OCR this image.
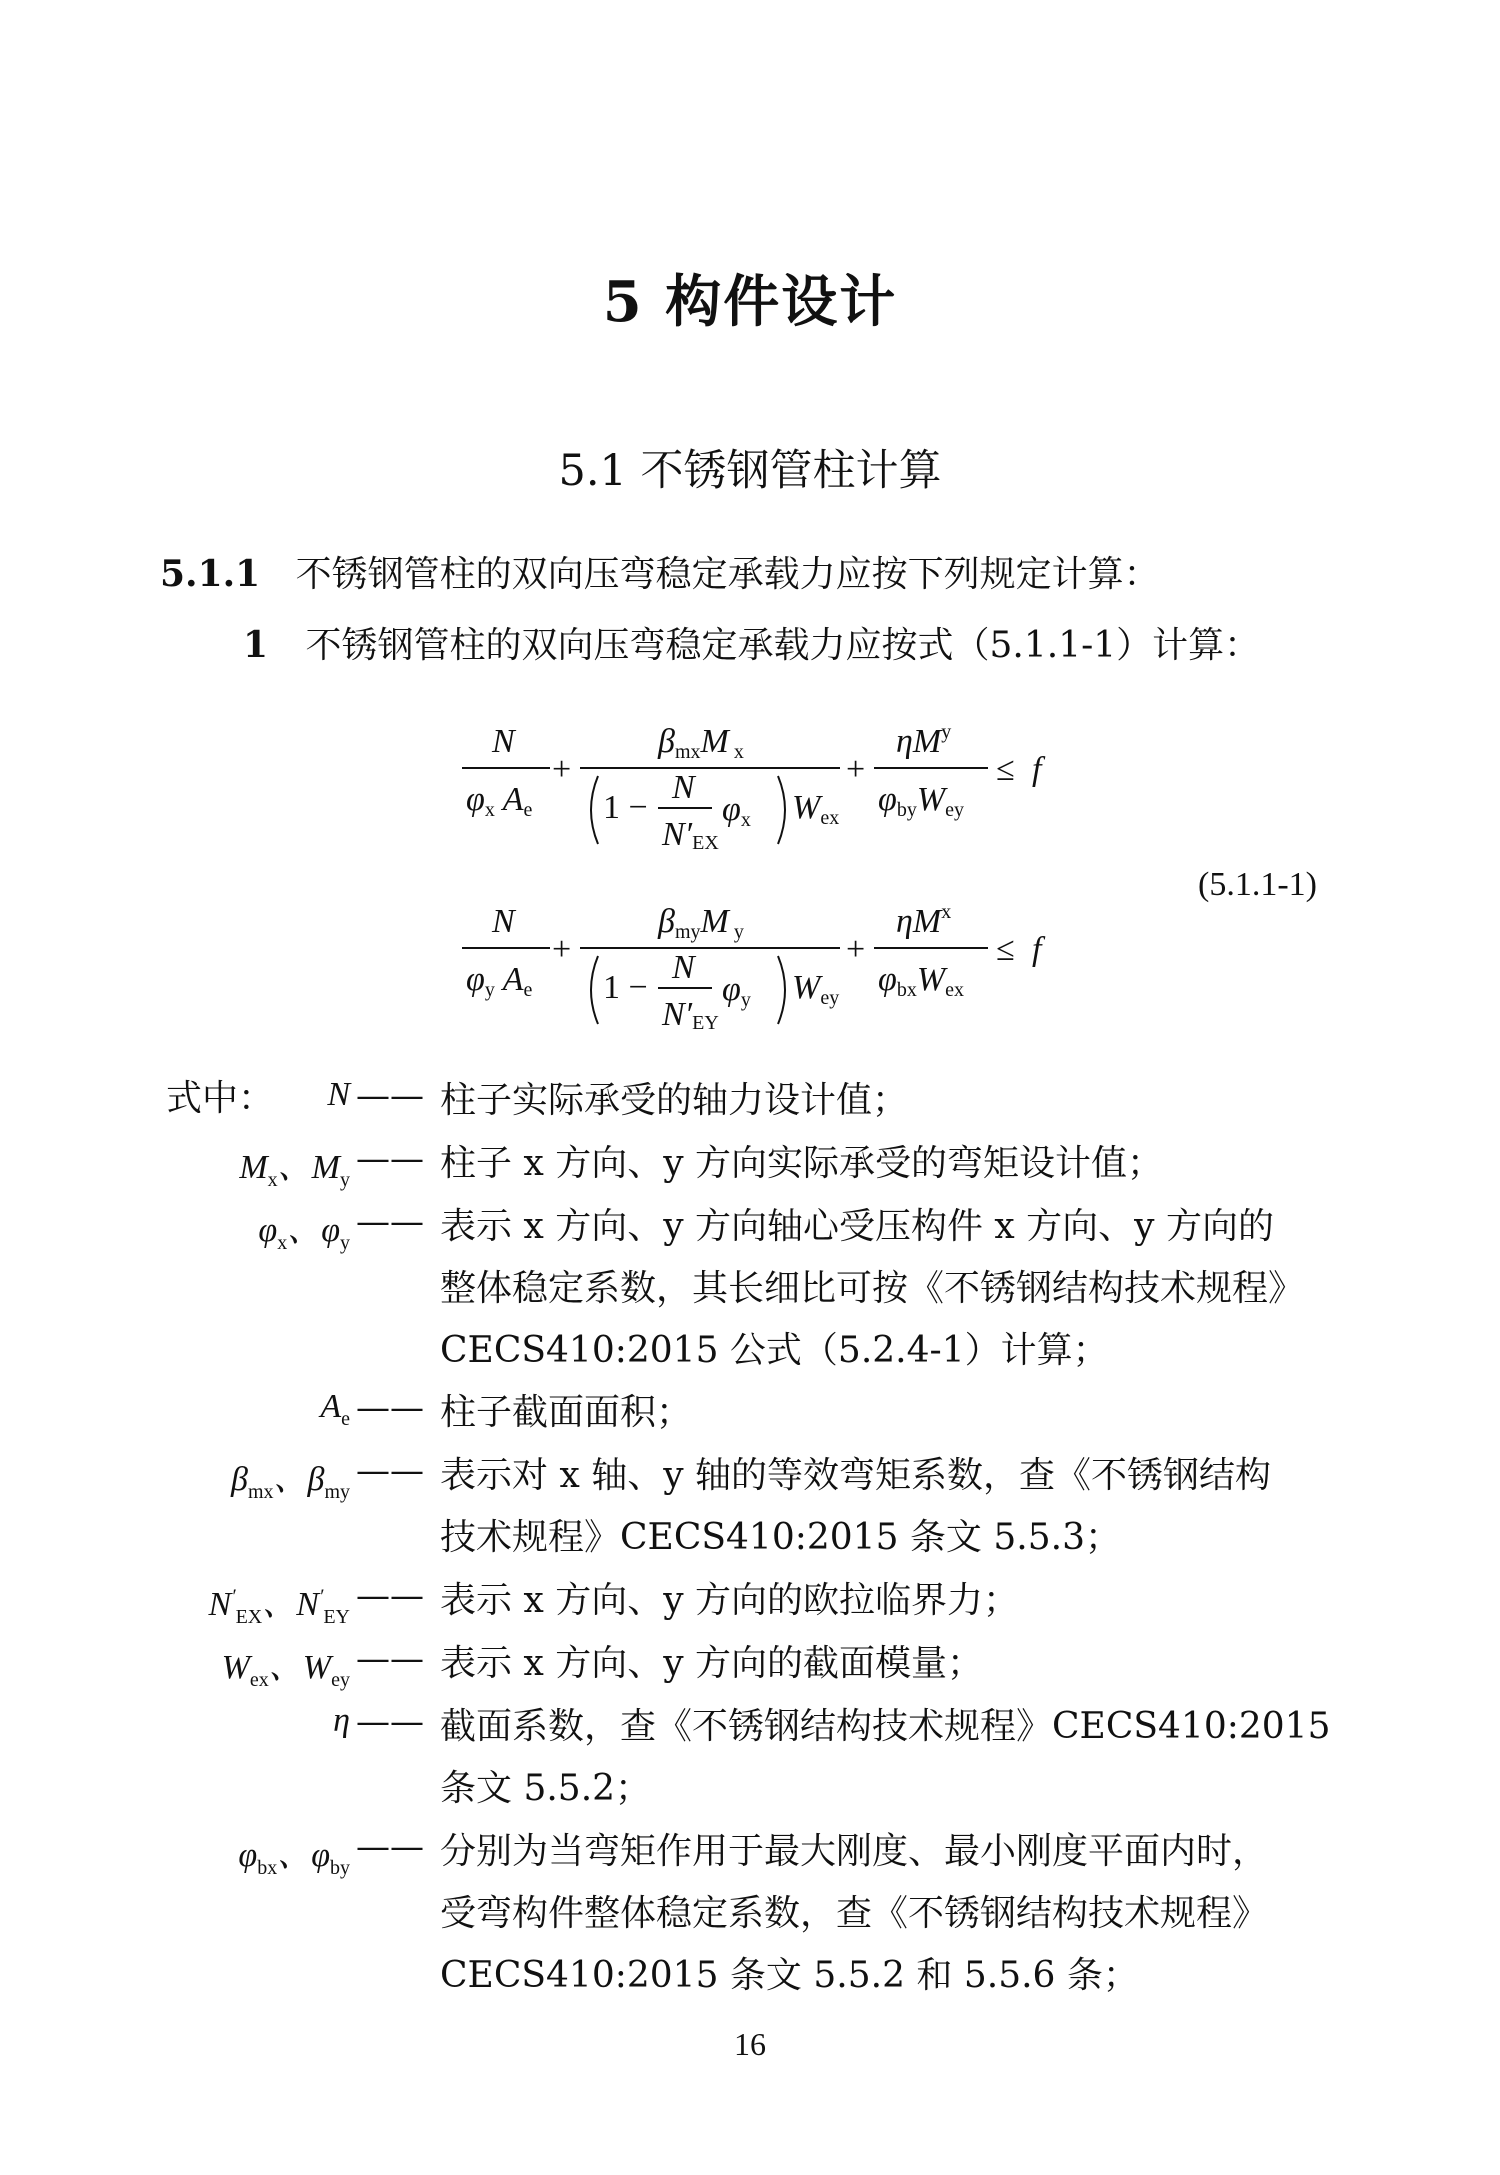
5 构件设计
5.1 不锈钢管柱计算
5.1.1 不锈钢管柱的双向压弯稳定承载力应按下列规定计算：
1 不锈钢管柱的双向压弯稳定承载力应按式（5.1.1-1）计算：
N
φx Ae
+
βmxM x
1 −
N
N′EX
φx Wex
+
$\eta M^y$
φbyWey
≤ f
N
φy Ae
+
βmyM y
1 −
N
N′EY
φy Wey
+
$\eta M^x$
φbxWex
≤ f
(5.1.1-1)
式中：	N —— 柱子实际承受的轴力设计值；
$M_x$、$M_y$
—— 柱子 x 方向、y 方向实际承受的弯矩设计值；
$\varphi_x$、$\varphi_y$
—— 表示 x 方向、y 方向轴心受压构件 x 方向、y 方向的
整体稳定系数，其长细比可按《不锈钢结构技术规程》
CECS410:2015 公式（5.2.4-1）计算；
$A_e$ —— 柱子截面面积；
$\beta_{mx}$、$\beta_{my}$
—— 表示对 x 轴、y 轴的等效弯矩系数，查《不锈钢结构
技术规程》CECS410:2015 条文 5.5.3；
$N'_{EX}$、$N'_{EY}$
—— 表示 x 方向、y 方向的欧拉临界力；
$W_{ex}$、$W_{ey}$
—— 表示 x 方向、y 方向的截面模量；
η —— 截面系数，查《不锈钢结构技术规程》CECS410:2015
条文 5.5.2；
$\varphi_{bx}$、$\varphi_{by}$
—— 分别为当弯矩作用于最大刚度、最小刚度平面内时，
受弯构件整体稳定系数，查《不锈钢结构技术规程》
CECS410:2015 条文 5.5.2 和 5.5.6 条；
16
